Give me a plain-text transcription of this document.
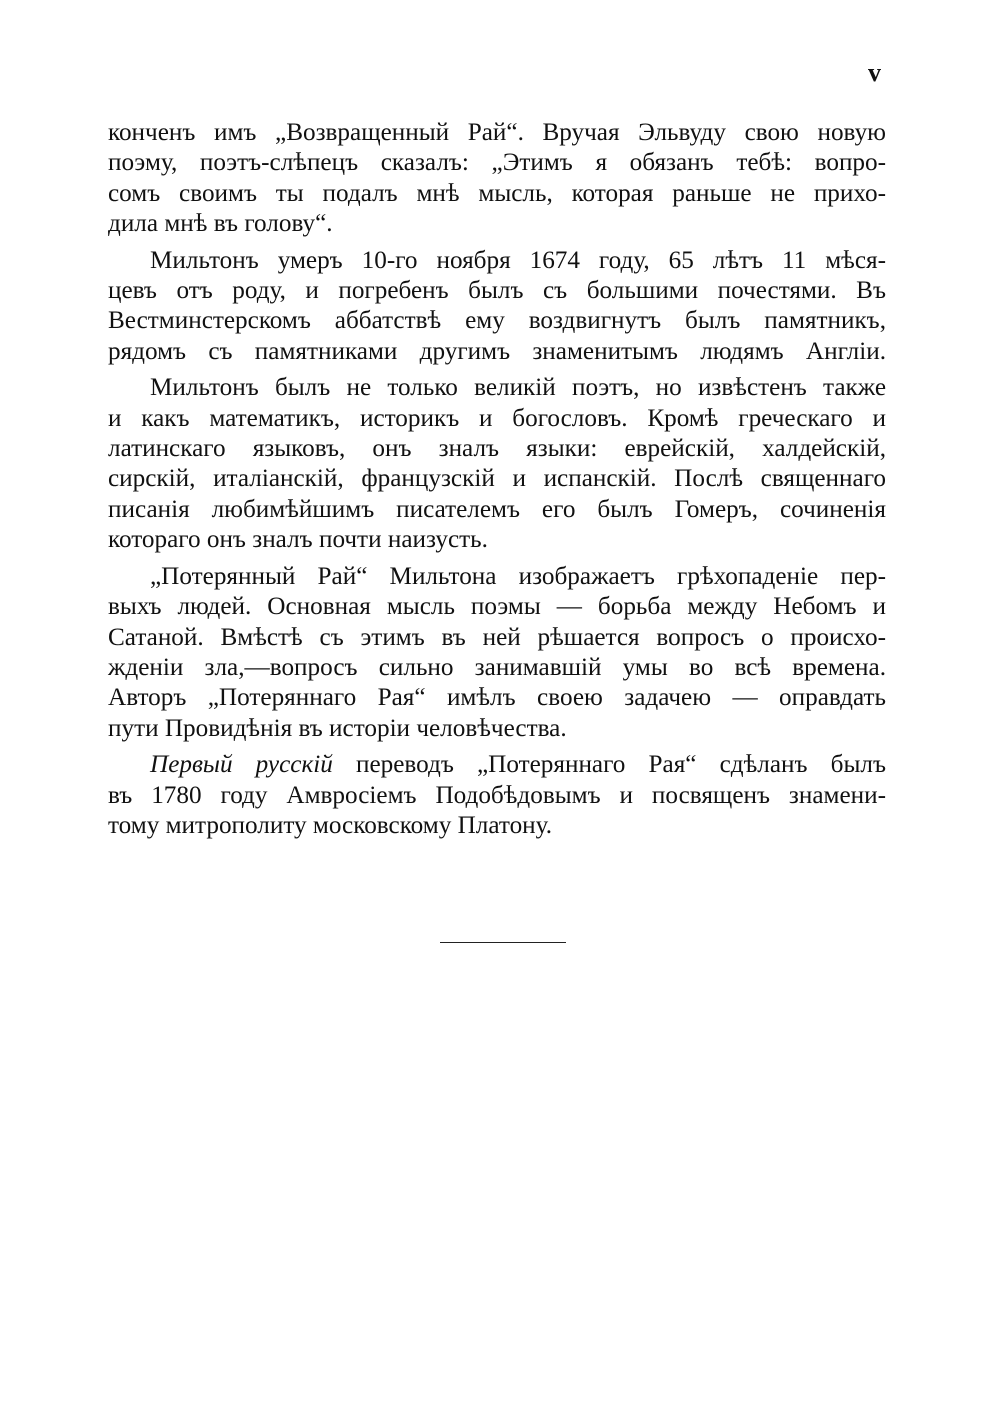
v
конченъ имъ „Возвращенный Рай“. Вручая Эльвуду свою новую
поэму, поэтъ-слѣпецъ сказалъ: „Этимъ я обязанъ тебѣ: вопро-
сомъ своимъ ты подалъ мнѣ мысль, которая раньше не прихо-
дила мнѣ въ голову“.
Мильтонъ умеръ 10-го ноября 1674 году, 65 лѣтъ 11 мѣся-
цевъ отъ роду, и погребенъ былъ съ большими почестями. Въ
Вестминстерскомъ аббатствѣ ему воздвигнутъ былъ памятникъ,
рядомъ съ памятниками другимъ знаменитымъ людямъ Англіи.
Мильтонъ былъ не только великій поэтъ, но извѣстенъ также
и какъ математикъ, историкъ и богословъ. Кромѣ греческаго и
латинскаго языковъ, онъ зналъ языки: еврейскій, халдейскій,
сирскій, италіанскій, французскій и испанскій. Послѣ священнаго
писанія любимѣйшимъ писателемъ его былъ Гомеръ, сочиненія
котораго онъ зналъ почти наизусть.
„Потерянный Рай“ Мильтона изображаетъ грѣхопаденіе пер-
выхъ людей. Основная мысль поэмы — борьба между Небомъ и
Сатаной. Вмѣстѣ съ этимъ въ ней рѣшается вопросъ о происхо-
жденіи зла,—вопросъ сильно занимавшій умы во всѣ времена.
Авторъ „Потеряннаго Рая“ имѣлъ своею задачею — оправдать
пути Провидѣнія въ исторіи человѣчества.
Первый русскій переводъ „Потеряннаго Рая“ сдѣланъ былъ
въ 1780 году Амвросіемъ Подобѣдовымъ и посвященъ знамени-
тому митрополиту московскому Платону.
